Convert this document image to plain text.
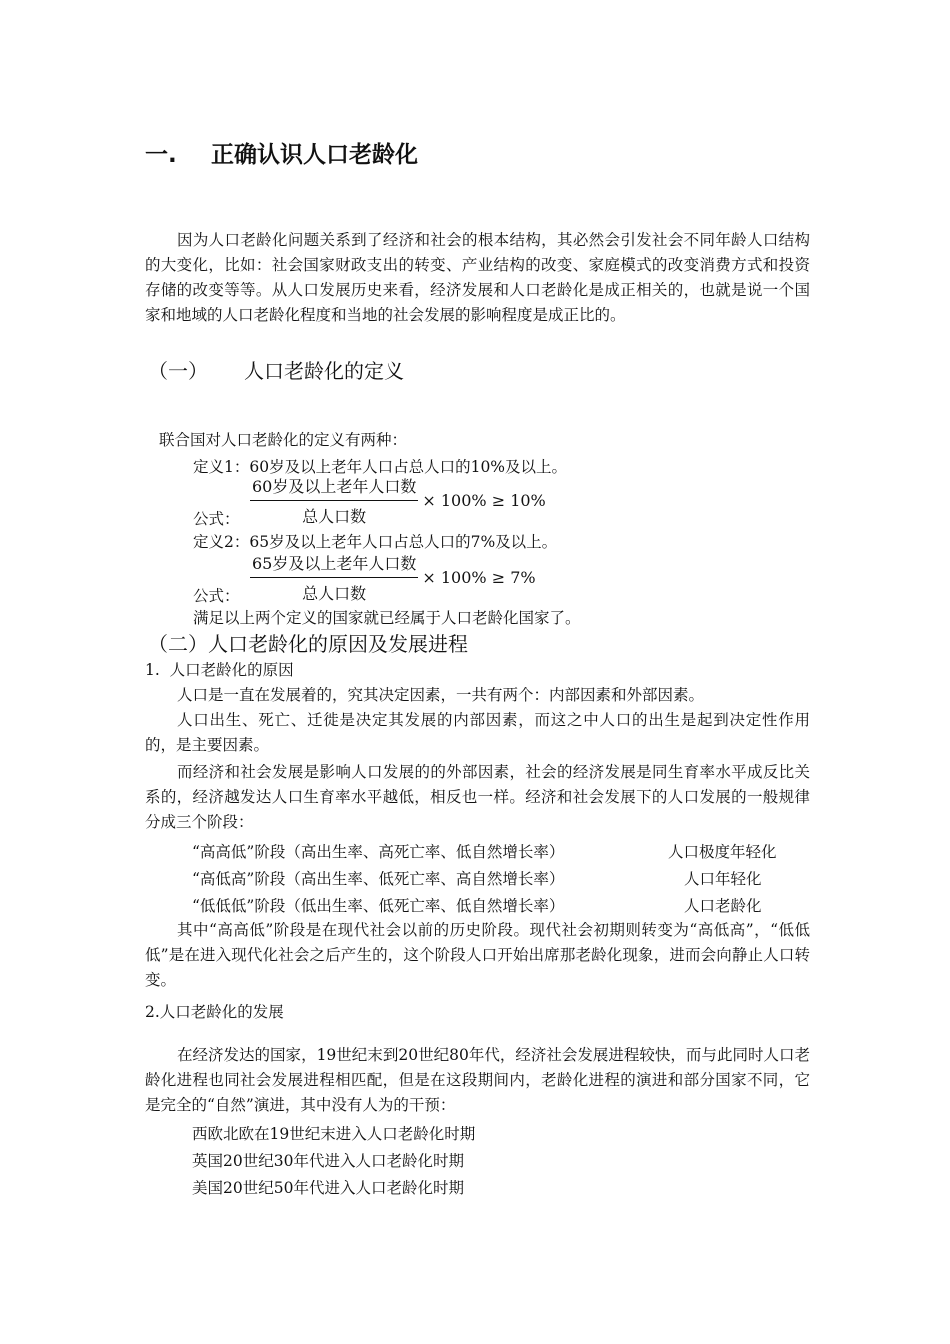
一. 正确认识人口老龄化
因为人口老龄化问题关系到了经济和社会的根本结构，其必然会引发社会不同年龄人口结构的大变化，比如：社会国家财政支出的转变、产业结构的改变、家庭模式的改变消费方式和投资存储的改变等等。从人口发展历史来看，经济发展和人口老龄化是成正相关的，也就是说一个国家和地域的人口老龄化程度和当地的社会发展的影响程度是成正比的。
（一） 人口老龄化的定义
联合国对人口老龄化的定义有两种：
定义1：60岁及以上老年人口占总人口的10%及以上。
60岁及以上老年人口数
总人口数
× 100% ≥ 10%
公式：
定义2：65岁及以上老年人口占总人口的7%及以上。
65岁及以上老年人口数
总人口数
× 100% ≥ 7%
公式：
满足以上两个定义的国家就已经属于人口老龄化国家了。
（二）人口老龄化的原因及发展进程
1.  人口老龄化的原因
人口是一直在发展着的，究其决定因素，一共有两个：内部因素和外部因素。
人口出生、死亡、迁徙是决定其发展的内部因素，而这之中人口的出生是起到决定性作用的，是主要因素。
而经济和社会发展是影响人口发展的的外部因素，社会的经济发展是同生育率水平成反比关系的，经济越发达人口生育率水平越低，相反也一样。经济和社会发展下的人口发展的一般规律分成三个阶段：
“高高低”阶段（高出生率、高死亡率、低自然增长率）	人口极度年轻化
“高低高”阶段（高出生率、低死亡率、高自然增长率）	人口年轻化
“低低低”阶段（低出生率、低死亡率、低自然增长率）	人口老龄化
其中“高高低”阶段是在现代社会以前的历史阶段。现代社会初期则转变为“高低高”，“低低低”是在进入现代化社会之后产生的，这个阶段人口开始出席那老龄化现象，进而会向静止人口转变。
2.人口老龄化的发展
在经济发达的国家，19世纪末到20世纪80年代，经济社会发展进程较快，而与此同时人口老龄化进程也同社会发展进程相匹配，但是在这段期间内，老龄化进程的演进和部分国家不同，它是完全的“自然”演进，其中没有人为的干预：
西欧北欧在19世纪末进入人口老龄化时期
英国20世纪30年代进入人口老龄化时期
美国20世纪50年代进入人口老龄化时期
